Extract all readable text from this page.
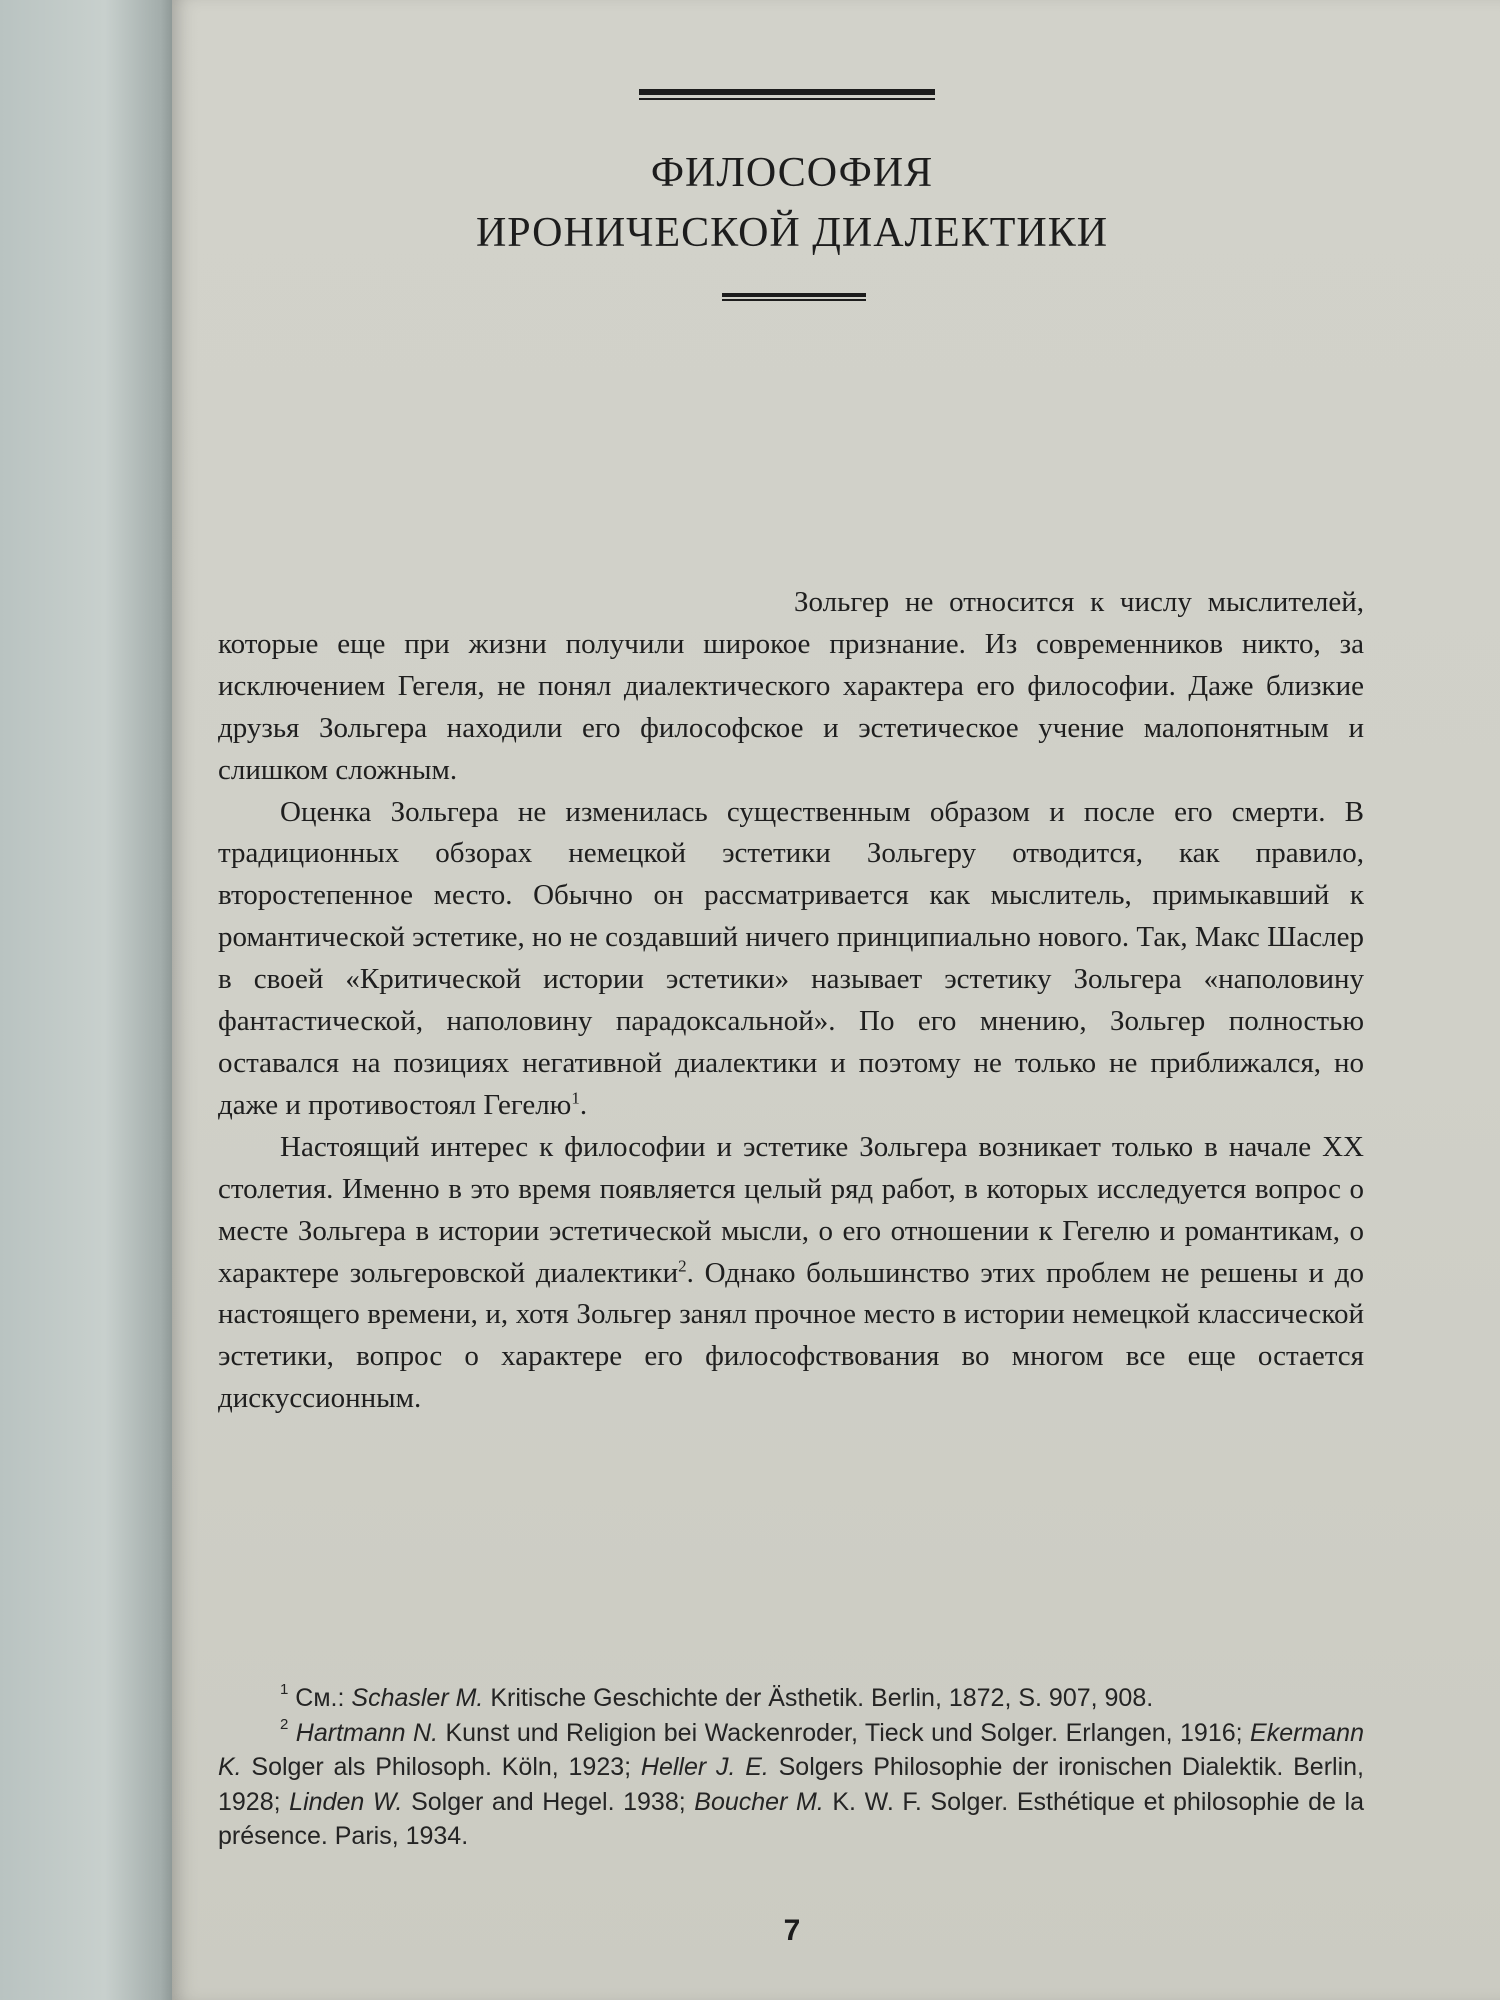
ФИЛОСОФИЯ
ИРОНИЧЕСКОЙ ДИАЛЕКТИКИ

Зольгер не относится к числу мыслителей, которые еще при жизни получили широкое признание. Из современников никто, за исключением Гегеля, не понял диалектического характера его философии. Даже близкие друзья Зольгера находили его философское и эстетическое учение малопонятным и слишком сложным.

Оценка Зольгера не изменилась существенным образом и после его смерти. В традиционных обзорах немецкой эстетики Зольгеру отводится, как правило, второстепенное место. Обычно он рассматривается как мыслитель, примыкавший к романтической эстетике, но не создавший ничего принципиально нового. Так, Макс Шаслер в своей «Критической истории эстетики» называет эстетику Зольгера «наполовину фантастической, наполовину парадоксальной». По его мнению, Зольгер полностью оставался на позициях негативной диалектики и поэтому не только не приближался, но даже и противостоял Гегелю$^1$.

Настоящий интерес к философии и эстетике Зольгера возникает только в начале XX столетия. Именно в это время появляется целый ряд работ, в которых исследуется вопрос о месте Зольгера в истории эстетической мысли, о его отношении к Гегелю и романтикам, о характере зольгеровской диалектики$^2$. Однако большинство этих проблем не решены и до настоящего времени, и, хотя Зольгер занял прочное место в истории немецкой классической эстетики, вопрос о характере его философствования во многом все еще остается дискуссионным.

$^1$ См.: Schasler M. Kritische Geschichte der Ästhetik. Berlin, 1872, S. 907, 908.

$^2$ Hartmann N. Kunst und Religion bei Wackenroder, Tieck und Solger. Erlangen, 1916; Ekermann K. Solger als Philosoph. Köln, 1923; Heller J. E. Solgers Philosophie der ironischen Dialektik. Berlin, 1928; Linden W. Solger and Hegel. 1938; Boucher M. K. W. F. Solger. Esthétique et philosophie de la présence. Paris, 1934.

7
